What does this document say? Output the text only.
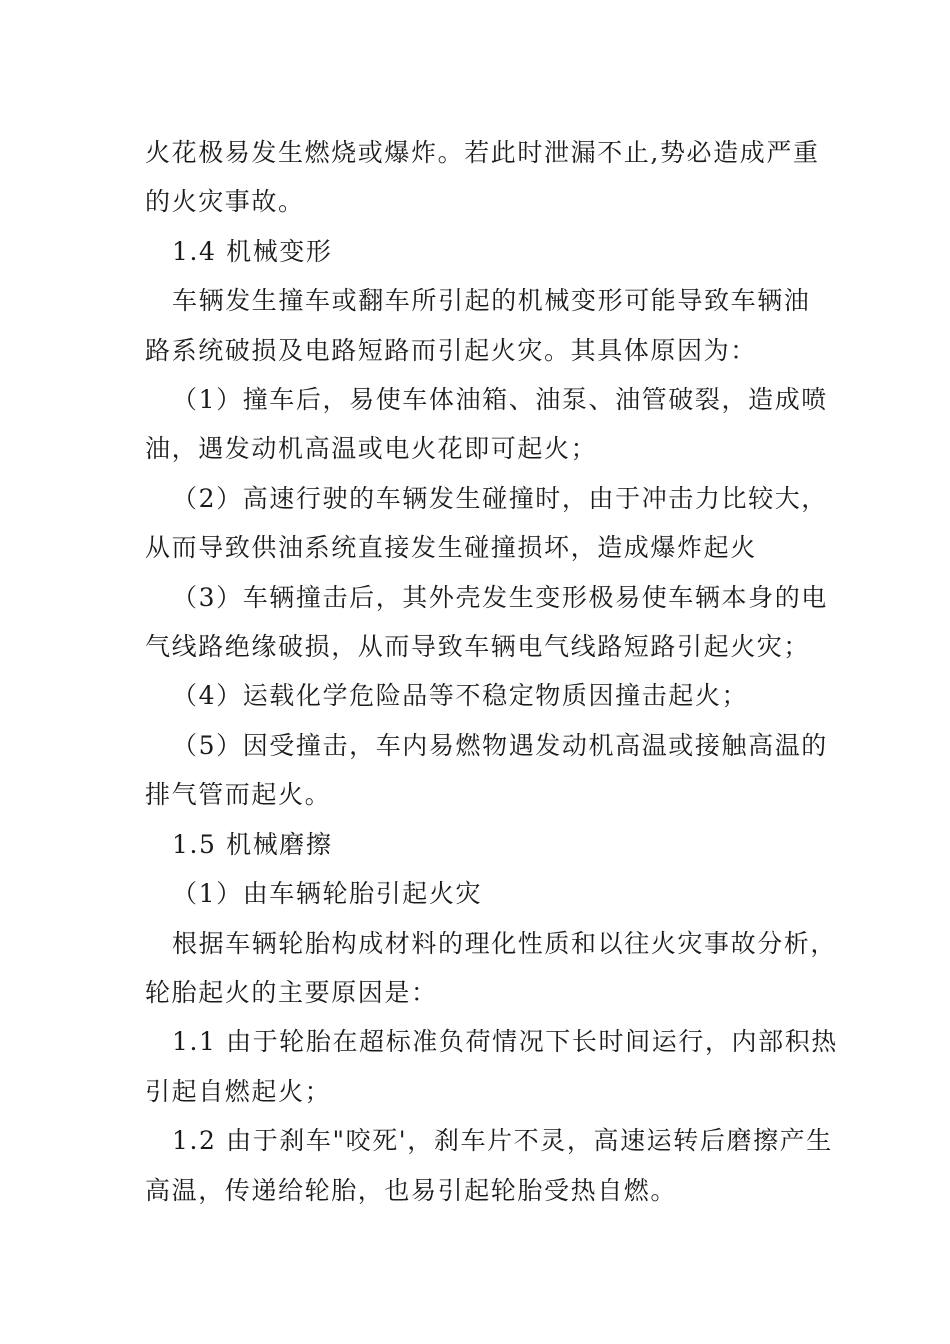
火花极易发生燃烧或爆炸。若此时泄漏不止,势必造成严重

的火灾事故。

1.4 机械变形

车辆发生撞车或翻车所引起的机械变形可能导致车辆油

路系统破损及电路短路而引起火灾。其具体原因为：

（1）撞车后，易使车体油箱、油泵、油管破裂，造成喷

油，遇发动机高温或电火花即可起火；

（2）高速行驶的车辆发生碰撞时，由于冲击力比较大，

从而导致供油系统直接发生碰撞损坏，造成爆炸起火

（3）车辆撞击后，其外壳发生变形极易使车辆本身的电

气线路绝缘破损，从而导致车辆电气线路短路引起火灾；

（4）运载化学危险品等不稳定物质因撞击起火；

（5）因受撞击，车内易燃物遇发动机高温或接触高温的

排气管而起火。

1.5 机械磨擦

（1）由车辆轮胎引起火灾

根据车辆轮胎构成材料的理化性质和以往火灾事故分析，

轮胎起火的主要原因是：

1.1 由于轮胎在超标准负荷情况下长时间运行，内部积热

引起自燃起火；

1.2 由于刹车"咬死'，刹车片不灵，高速运转后磨擦产生

高温，传递给轮胎，也易引起轮胎受热自燃。
